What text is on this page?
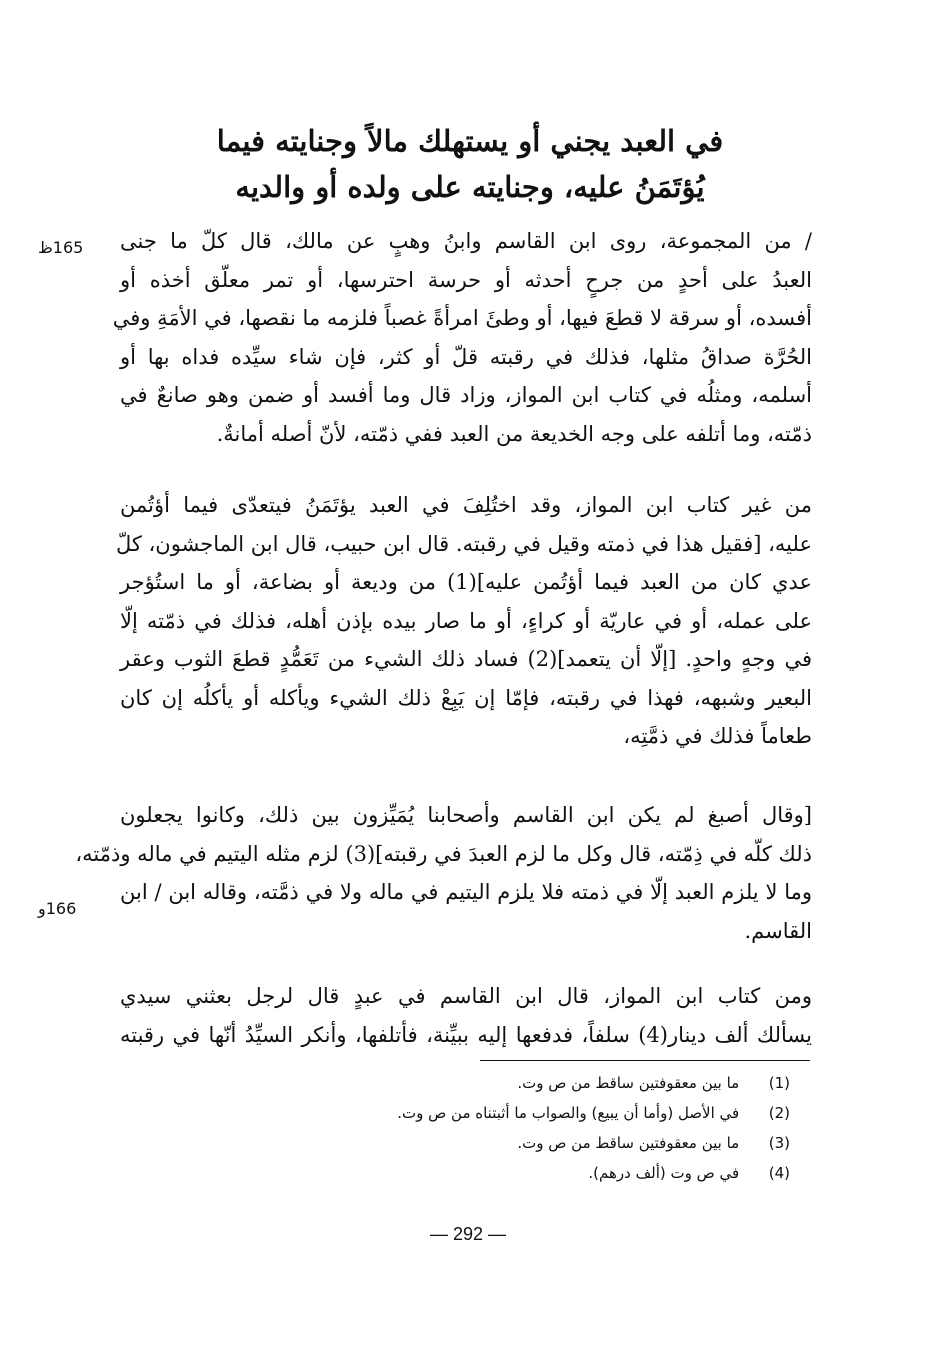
في العبد يجني أو يستهلك مالاً وجنايته فيما
يُؤتَمَنُ عليه، وجنايته على ولده أو والديه
165ظ
166و
/ من المجموعة، روى ابن القاسم وابنُ وهبٍ عن مالك، قال كلّ ما جنى
العبدُ على أحدٍ من جرحٍ أحدثه أو حرسة احترسها، أو تمر معلّق أخذه أو
أفسده، أو سرقة لا قطعَ فيها، أو وطئَ امرأةً غصباً فلزمه ما نقصها، في الأمَةِ وفي
الحُرَّة صداقُ مثلها، فذلك في رقبته قلّ أو كثر، فإن شاء سيِّده فداه بها أو
أسلمه، ومثلُه في كتاب ابن المواز، وزاد قال وما أفسد أو ضمن وهو صانعٌ في
ذمّته، وما أتلفه على وجه الخديعة من العبد ففي ذمّته، لأنّ أصله أمانةٌ.
من غير كتاب ابن المواز، وقد اختُلِفَ في العبد يؤتَمَنُ فيتعدّى فيما أؤتُمن
عليه، [فقيل هذا في ذمته وقيل في رقبته. قال ابن حبيب، قال ابن الماجشون، كلّ
عدي كان من العبد فيما أؤتُمن عليه](1) من وديعة أو بضاعة، أو ما استُؤجر
على عمله، أو في عاريّة أو كراءٍ، أو ما صار بيده بإذن أهله، فذلك في ذمّته إلّا
في وجهٍ واحدٍ. [إلّا أن يتعمد](2) فساد ذلك الشيء من تَعَمُّدٍ قطعَ الثوب وعقر
البعير وشبهه، فهذا في رقبته، فإمّا إن يَبِعْ ذلك الشيء ويأكله أو يأكلُه إن كان
طعاماً فذلك في ذمَّتِه،
[وقال أصبغ لم يكن ابن القاسم وأصحابنا يُمَيِّزون بين ذلك، وكانوا يجعلون
ذلك كلّه في ذِمّته، قال وكل ما لزم العبدَ في رقبته](3) لزم مثله اليتيم في ماله وذمّته،
وما لا يلزم العبد إلّا في ذمته فلا يلزم اليتيم في ماله ولا في ذمَّته، وقاله ابن / ابن
القاسم.
ومن كتاب ابن المواز، قال ابن القاسم في عبدٍ قال لرجل بعثني سيدي
يسألك ألف دينار(4) سلفاً، فدفعها إليه ببيِّنة، فأتلفها، وأنكر السيِّدُ أنّها في رقبته
(1) ما بين معقوفتين ساقط من ص وت.
(2) في الأصل (وأما أن يبيع) والصواب ما أثبتناه من ص وت.
(3) ما بين معقوفتين ساقط من ص وت.
(4) في ص وت (ألف درهم).
— 292 —
